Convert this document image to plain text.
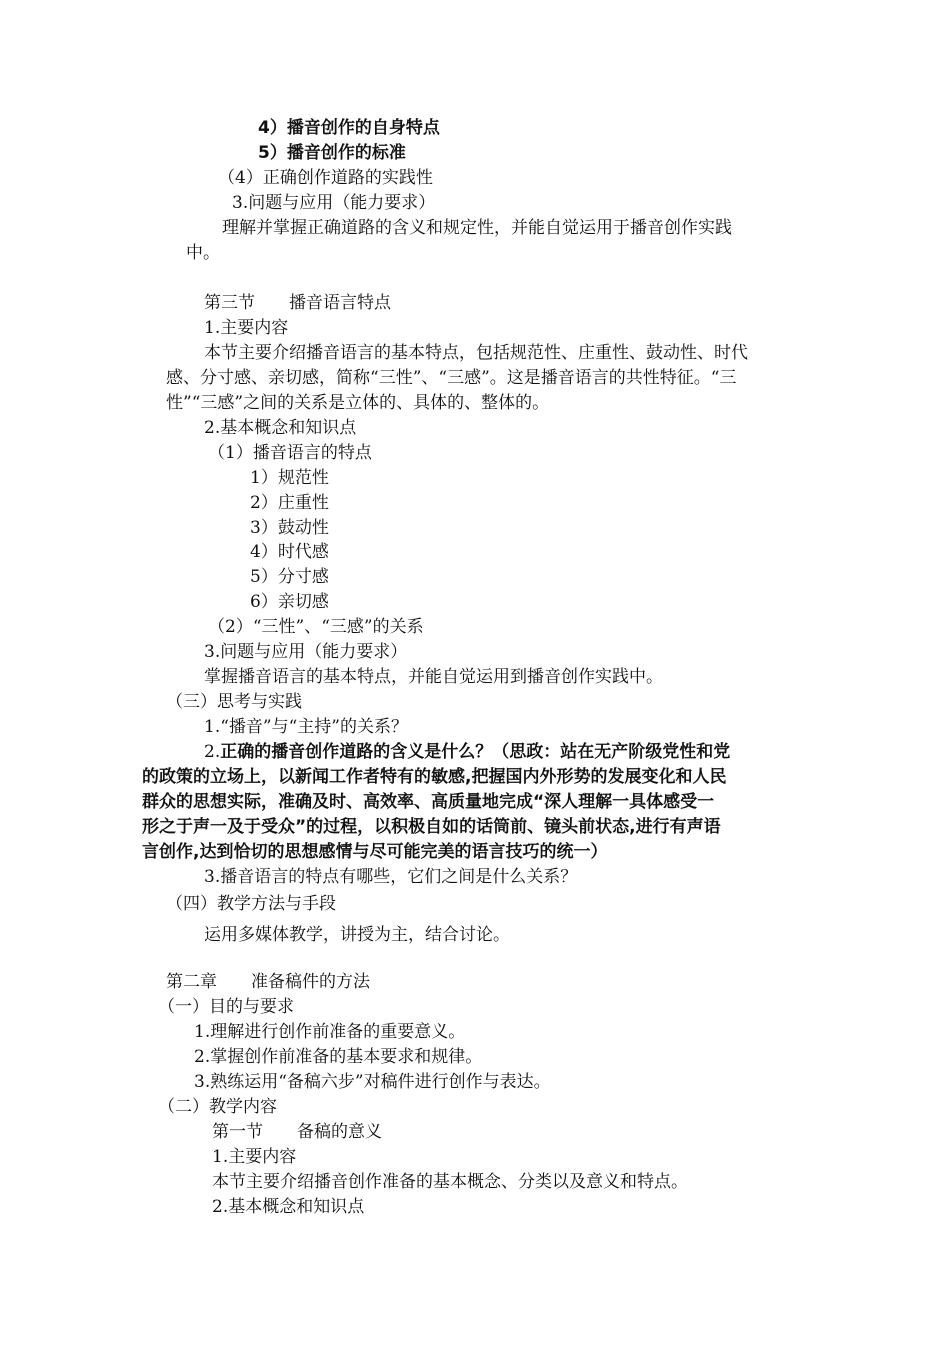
4）播音创作的自身特点
5）播音创作的标准
（4）正确创作道路的实践性
3.问题与应用（能力要求）
理解并掌握正确道路的含义和规定性，并能自觉运用于播音创作实践
中。
第三节　　播音语言特点
1.主要内容
本节主要介绍播音语言的基本特点，包括规范性、庄重性、鼓动性、时代
感、分寸感、亲切感，简称“三性”、“三感”。这是播音语言的共性特征。“三
性”“三感”之间的关系是立体的、具体的、整体的。
2.基本概念和知识点
（1）播音语言的特点
1）规范性
2）庄重性
3）鼓动性
4）时代感
5）分寸感
6）亲切感
（2）“三性”、“三感”的关系
3.问题与应用（能力要求）
掌握播音语言的基本特点，并能自觉运用到播音创作实践中。
（三）思考与实践
1.“播音”与“主持”的关系？
2.正确的播音创作道路的含义是什么？（思政：站在无产阶级党性和党
的政策的立场上，以新闻工作者特有的敏感,把握国内外形势的发展变化和人民
群众的思想实际，准确及时、高效率、高质量地完成“深人理解一具体感受一
形之于声一及于受众”的过程，以积极自如的话筒前、镜头前状态,进行有声语
言创作,达到恰切的思想感情与尽可能完美的语言技巧的统一）
3.播音语言的特点有哪些，它们之间是什么关系？
（四）教学方法与手段
运用多媒体教学，讲授为主，结合讨论。
第二章　　准备稿件的方法
（一）目的与要求
1.理解进行创作前准备的重要意义。
2.掌握创作前准备的基本要求和规律。
3.熟练运用“备稿六步”对稿件进行创作与表达。
（二）教学内容
第一节　　备稿的意义
1.主要内容
本节主要介绍播音创作准备的基本概念、分类以及意义和特点。
2.基本概念和知识点
